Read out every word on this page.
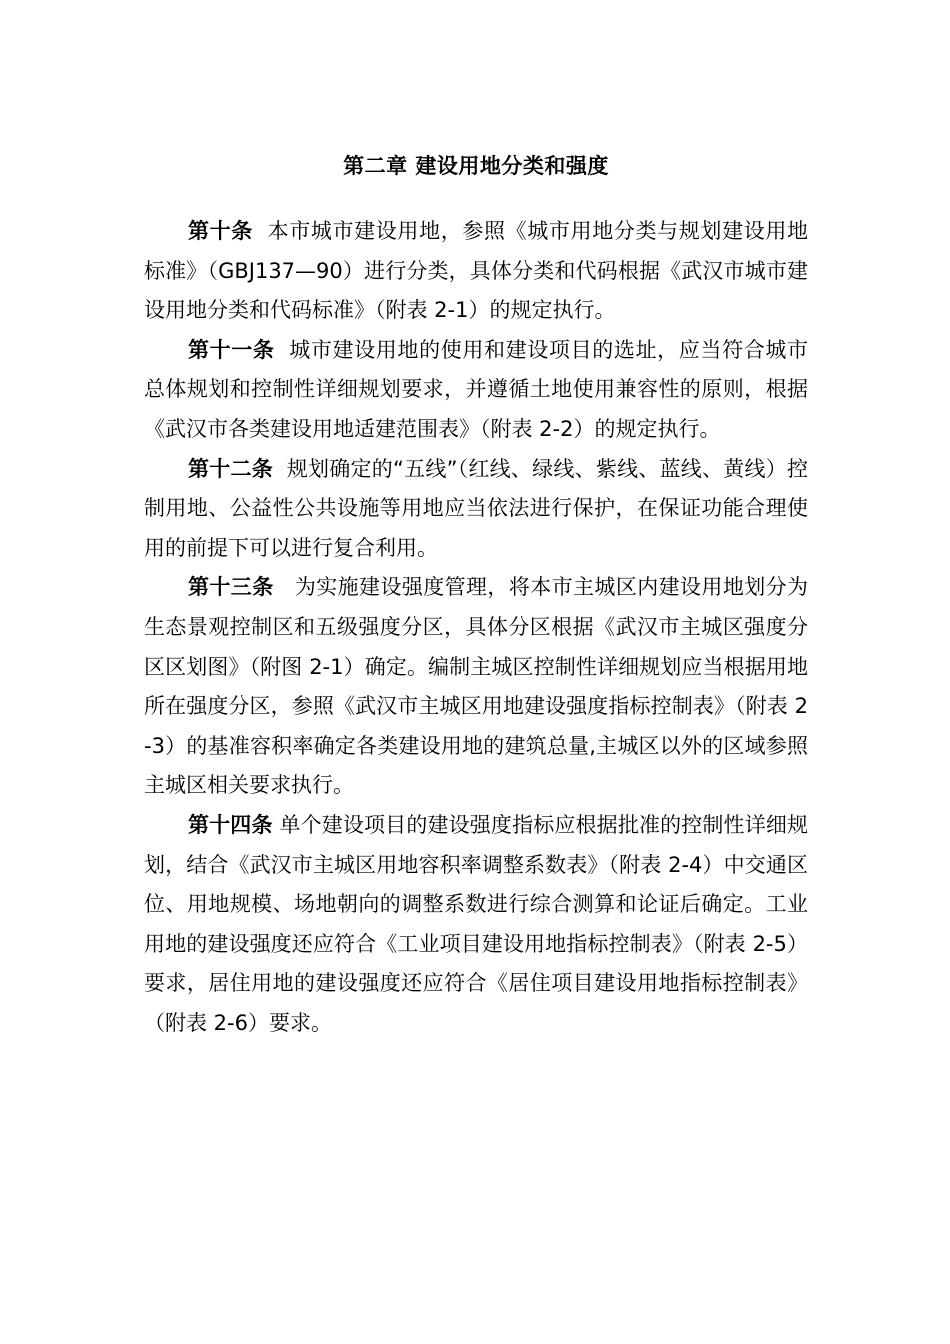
第二章 建设用地分类和强度

第十条 本市城市建设用地，参照《城市用地分类与规划建设用地标准》（GBJ137—90）进行分类，具体分类和代码根据《武汉市城市建设用地分类和代码标准》（附表 2-1）的规定执行。

第十一条 城市建设用地的使用和建设项目的选址，应当符合城市总体规划和控制性详细规划要求，并遵循土地使用兼容性的原则，根据《武汉市各类建设用地适建范围表》（附表 2-2）的规定执行。

第十二条 规划确定的“五线”（红线、绿线、紫线、蓝线、黄线）控制用地、公益性公共设施等用地应当依法进行保护，在保证功能合理使用的前提下可以进行复合利用。

第十三条 为实施建设强度管理，将本市主城区内建设用地划分为生态景观控制区和五级强度分区，具体分区根据《武汉市主城区强度分区区划图》（附图 2-1）确定。编制主城区控制性详细规划应当根据用地所在强度分区，参照《武汉市主城区用地建设强度指标控制表》（附表 2-3）的基准容积率确定各类建设用地的建筑总量,主城区以外的区域参照主城区相关要求执行。

第十四条 单个建设项目的建设强度指标应根据批准的控制性详细规划，结合《武汉市主城区用地容积率调整系数表》（附表 2-4）中交通区位、用地规模、场地朝向的调整系数进行综合测算和论证后确定。工业用地的建设强度还应符合《工业项目建设用地指标控制表》（附表 2-5）要求，居住用地的建设强度还应符合《居住项目建设用地指标控制表》（附表 2-6）要求。
